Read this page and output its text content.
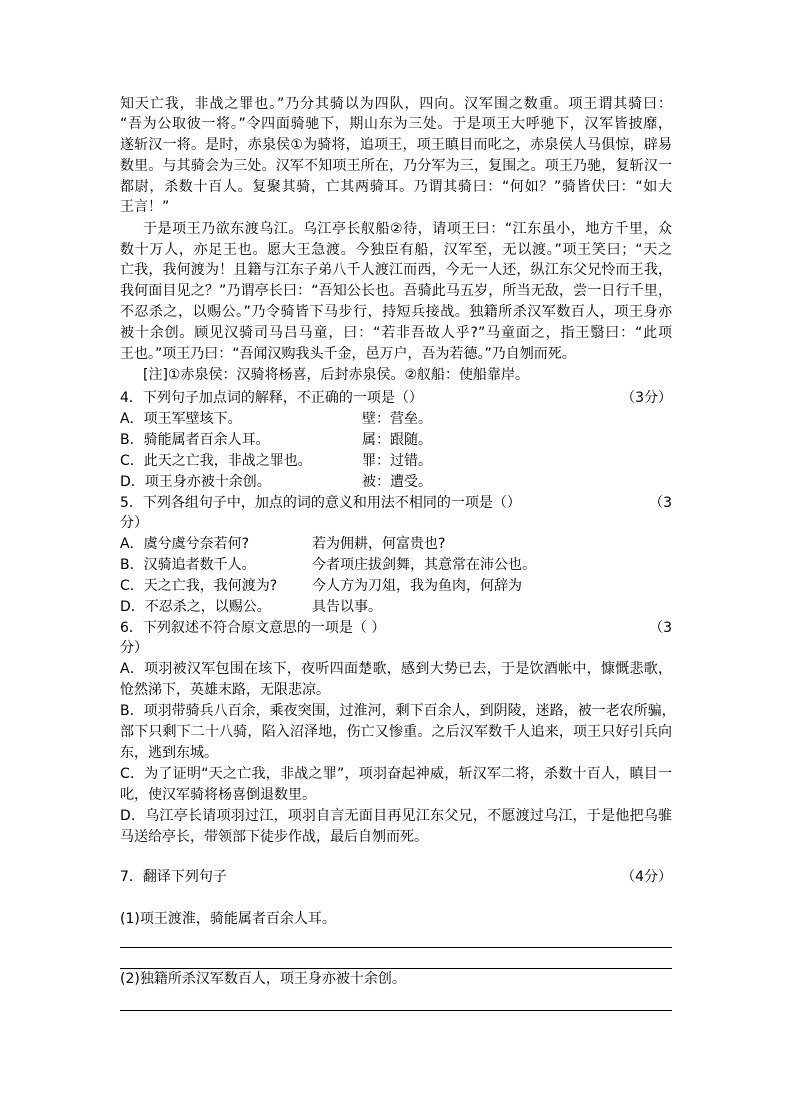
知天亡我，非战之罪也。”乃分其骑以为四队，四向。汉军围之数重。项王谓其骑曰：
“吾为公取彼一将。”令四面骑驰下，期山东为三处。于是项王大呼驰下，汉军皆披靡，
遂斩汉一将。是时，赤泉侯①为骑将，追项王，项王瞋目而叱之，赤泉侯人马俱惊，辟易
数里。与其骑会为三处。汉军不知项王所在，乃分军为三，复围之。项王乃驰，复斩汉一
都尉，杀数十百人。复聚其骑，亡其两骑耳。乃谓其骑曰：“何如？”骑皆伏曰：“如大
王言！”
于是项王乃欲东渡乌江。乌江亭长舣船②待，请项王曰：“江东虽小，地方千里，众
数十万人，亦足王也。愿大王急渡。今独臣有船，汉军至，无以渡。”项王笑曰；“天之
亡我，我何渡为！且籍与江东子弟八千人渡江而西，今无一人还，纵江东父兄怜而王我，
我何面目见之？”乃谓亭长曰：“吾知公长也。吾骑此马五岁，所当无敌，尝一日行千里，
不忍杀之，以赐公。”乃令骑皆下马步行，持短兵接战。独籍所杀汉军数百人，项王身亦
被十余创。顾见汉骑司马吕马童，曰：“若非吾故人乎?”马童面之，指王翳曰：“此项
王也。”项王乃曰：“吾闻汉购我头千金，邑万户，吾为若德。”乃自刎而死。
[注]①赤泉侯：汉骑将杨喜，后封赤泉侯。②舣船：使船靠岸。
4．下列句子加点词的解释，不正确的一项是（）	（3分）
A．项王军壁垓下。	壁：营垒。
B．骑能属者百余人耳。	属：跟随。
C．此天之亡我，非战之罪也。	罪：过错。
D．项王身亦被十余创。	被：遭受。
5．下列各组句子中，加点的词的意义和用法不相同的一项是（）	（3
分）
A．虞兮虞兮奈若何?	若为佣耕，何富贵也?
B．汉骑追者数千人。	今者项庄拔剑舞，其意常在沛公也。
C．天之亡我，我何渡为? 今人方为刀俎，我为鱼肉，何辞为
D．不忍杀之，以赐公。	具告以事。
6．下列叙述不符合原文意思的一项是（ ）	（3
分）
A．项羽被汉军包围在垓下，夜听四面楚歌，感到大势已去，于是饮酒帐中，慷慨悲歌，
怆然涕下，英雄末路，无限悲凉。
B．项羽带骑兵八百余，乘夜突围，过淮河，剩下百余人，到阴陵，迷路，被一老农所骗，
部下只剩下二十八骑，陷入沼泽地，伤亡又惨重。之后汉军数千人追来，项王只好引兵向
东，逃到东城。
C．为了证明“天之亡我，非战之罪”，项羽奋起神威，斩汉军二将，杀数十百人，瞋目一
叱，使汉军骑将杨喜倒退数里。
D．乌江亭长请项羽过江，项羽自言无面目再见江东父兄，不愿渡过乌江，于是他把乌骓
马送给亭长，带领部下徒步作战，最后自刎而死。
7．翻译下列句子	（4分）
(1)项王渡淮，骑能属者百余人耳。
(2)独籍所杀汉军数百人，项王身亦被十余创。
